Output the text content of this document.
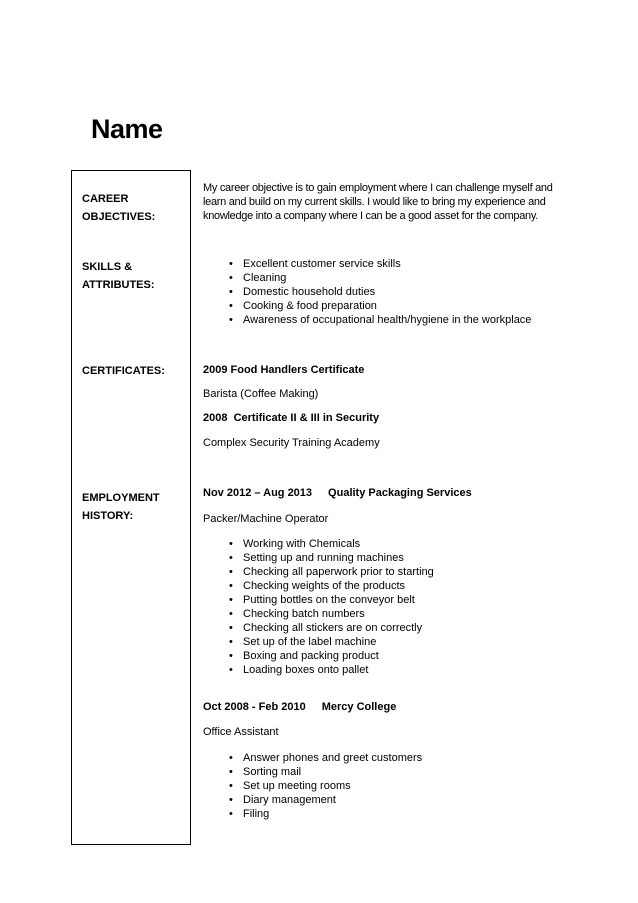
Name
CAREER
OBJECTIVES:
SKILLS &
ATTRIBUTES:
CERTIFICATES:
EMPLOYMENT
HISTORY:
My career objective is to gain employment where I can challenge myself and learn and build on my current skills. I would like to bring my experience and knowledge into a company where I can be a good asset for the company.
• Excellent customer service skills
• Cleaning
• Domestic household duties
• Cooking & food preparation
• Awareness of occupational health/hygiene in the workplace
2009 Food Handlers Certificate
Barista (Coffee Making)
2008  Certificate II & III in Security
Complex Security Training Academy
Nov 2012 – Aug 2013 Quality Packaging Services
Packer/Machine Operator
• Working with Chemicals
• Setting up and running machines
• Checking all paperwork prior to starting
• Checking weights of the products
• Putting bottles on the conveyor belt
• Checking batch numbers
• Checking all stickers are on correctly
• Set up of the label machine
• Boxing and packing product
• Loading boxes onto pallet
Oct 2008 - Feb 2010 Mercy College
Office Assistant
• Answer phones and greet customers
• Sorting mail
• Set up meeting rooms
• Diary management
• Filing
